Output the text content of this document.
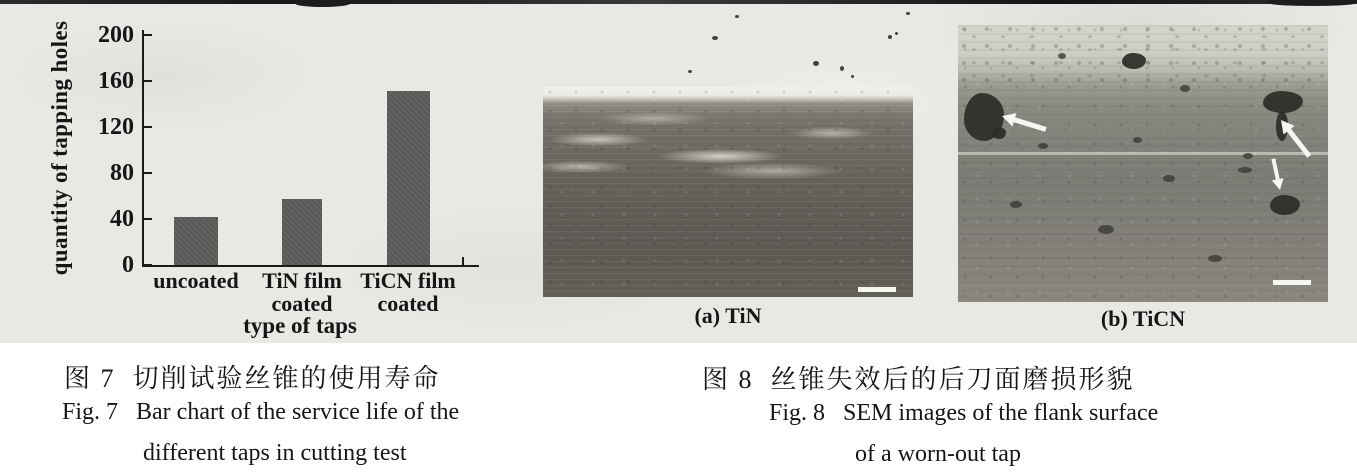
quantity of tapping holes
type of taps
0
40
80
120
160
200
uncoated	TiN film
coated
TiCN film
coated	(a) TiN	(b) TiCN
图 7  切削试验丝锥的使用寿命
Fig. 7   Bar chart of the service life of the
different taps in cutting test
图 8  丝锥失效后的后刀面磨损形貌
Fig. 8   SEM images of the flank surface
of a worn-out tap
